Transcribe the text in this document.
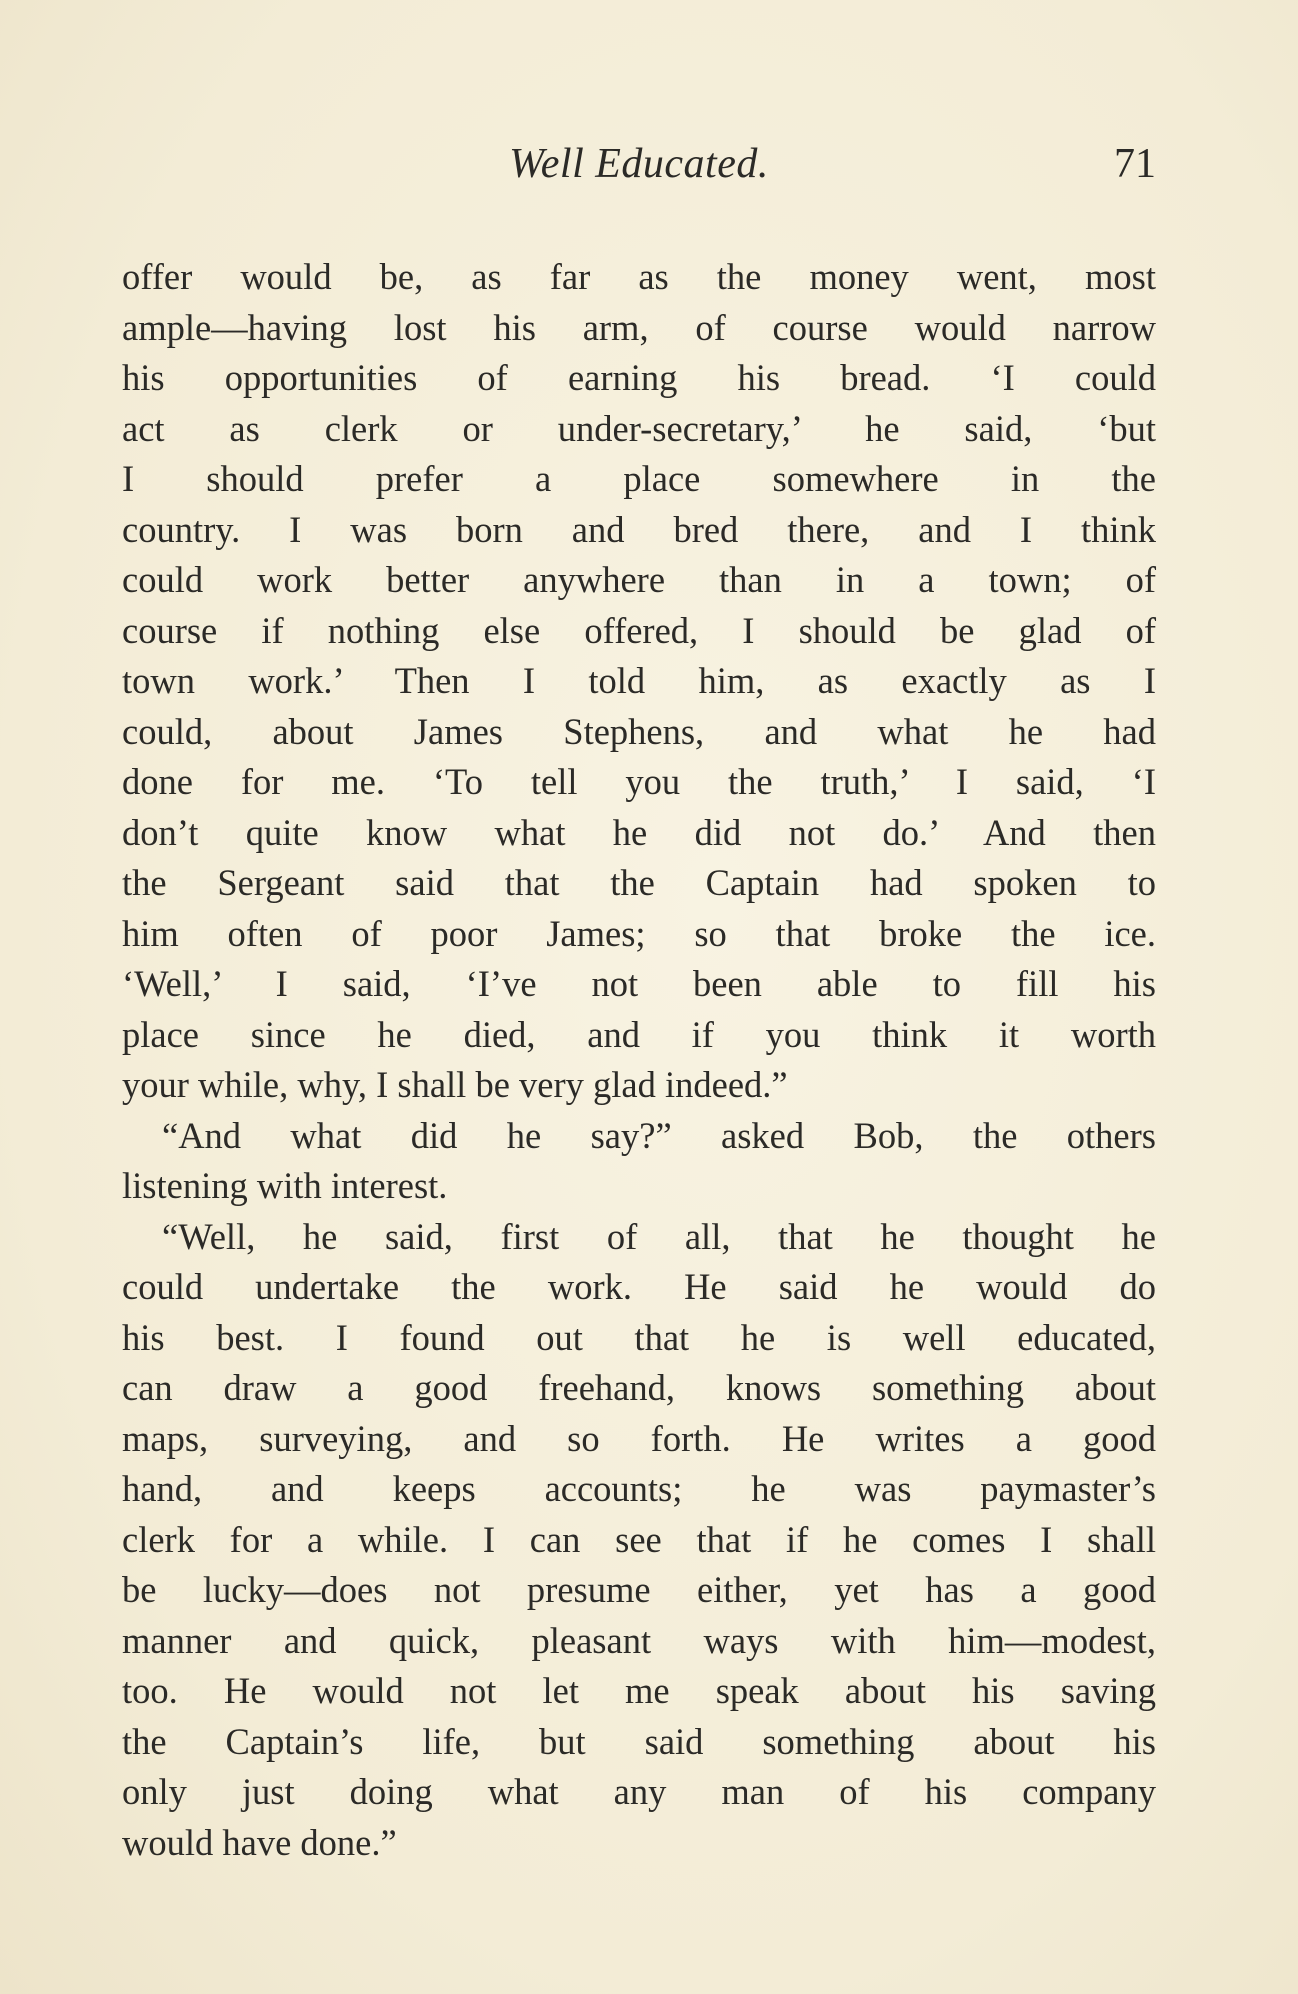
Well Educated.	71
offer would be, as far as the money went, most
ample—having lost his arm, of course would narrow
his opportunities of earning his bread. ‘I could
act as clerk or under-secretary,’ he said, ‘but
I should prefer a place somewhere in the
country. I was born and bred there, and I think
could work better anywhere than in a town; of
course if nothing else offered, I should be glad of
town work.’ Then I told him, as exactly as I
could, about James Stephens, and what he had
done for me. ‘To tell you the truth,’ I said, ‘I
don’t quite know what he did not do.’ And then
the Sergeant said that the Captain had spoken to
him often of poor James; so that broke the ice.
‘Well,’ I said, ‘I’ve not been able to fill his
place since he died, and if you think it worth
your while, why, I shall be very glad indeed.”
“And what did he say?” asked Bob, the others
listening with interest.
“Well, he said, first of all, that he thought he
could undertake the work. He said he would do
his best. I found out that he is well educated,
can draw a good freehand, knows something about
maps, surveying, and so forth. He writes a good
hand, and keeps accounts; he was paymaster’s
clerk for a while. I can see that if he comes I shall
be lucky—does not presume either, yet has a good
manner and quick, pleasant ways with him—modest,
too. He would not let me speak about his saving
the Captain’s life, but said something about his
only just doing what any man of his company
would have done.”
